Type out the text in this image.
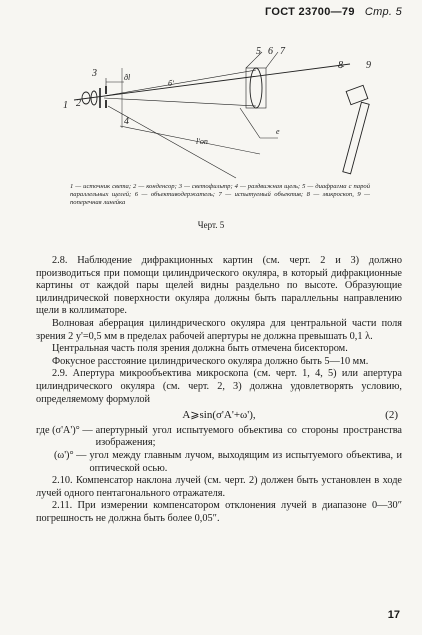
ГОСТ 23700—79 Стр. 5
1 2
3
4
5 6 7
8 9
ðl
б'
e
l'оп
1 — источник света; 2 — конденсор; 3 — светофильтр; 4 — раздвижная щель; 5 — диафрагма с парой параллельных щелей; 6 — объективодержатель; 7 — испытуемый объектив; 8 — микроскоп, 9 — поперечная линейка
Черт. 5

2.8. Наблюдение дифракционных картин (см. черт. 2 и 3) должно производиться при помощи цилиндрического окуляра, в который дифракционные картины от каждой пары щелей видны раздельно по высоте. Образующие цилиндрической поверхности окуляра должны быть параллельны направлению щели в коллиматоре.

Волновая аберрация цилиндрического окуляра для центральной части поля зрения 2 y'=0,5 мм в пределах рабочей апертуры не должна превышать 0,1 λ.

Центральная часть поля зрения должна быть отмечена бисектором.

Фокусное расстояние цилиндрического окуляра должно быть 5—10 мм.

2.9. Апертура микрообъектива микроскопа (см. черт. 1, 4, 5) или апертура цилиндрического окуляра (см. черт. 2, 3) должна удовлетворять условию, определяемому формулой

A⩾sin(σ'A'+ω'),	(2)
где (σ'A')° — апертурный угол испытуемого объектива со стороны пространства изображения;
(ω')° — угол между главным лучом, выходящим из испытуемого объектива, и оптической осью.

2.10. Компенсатор наклона лучей (см. черт. 2) должен быть установлен в ходе лучей одного пентагонального отражателя.

2.11. При измерении компенсатором отклонения лучей в диапазоне 0—30″ погрешность не должна быть более 0,05″.

17
